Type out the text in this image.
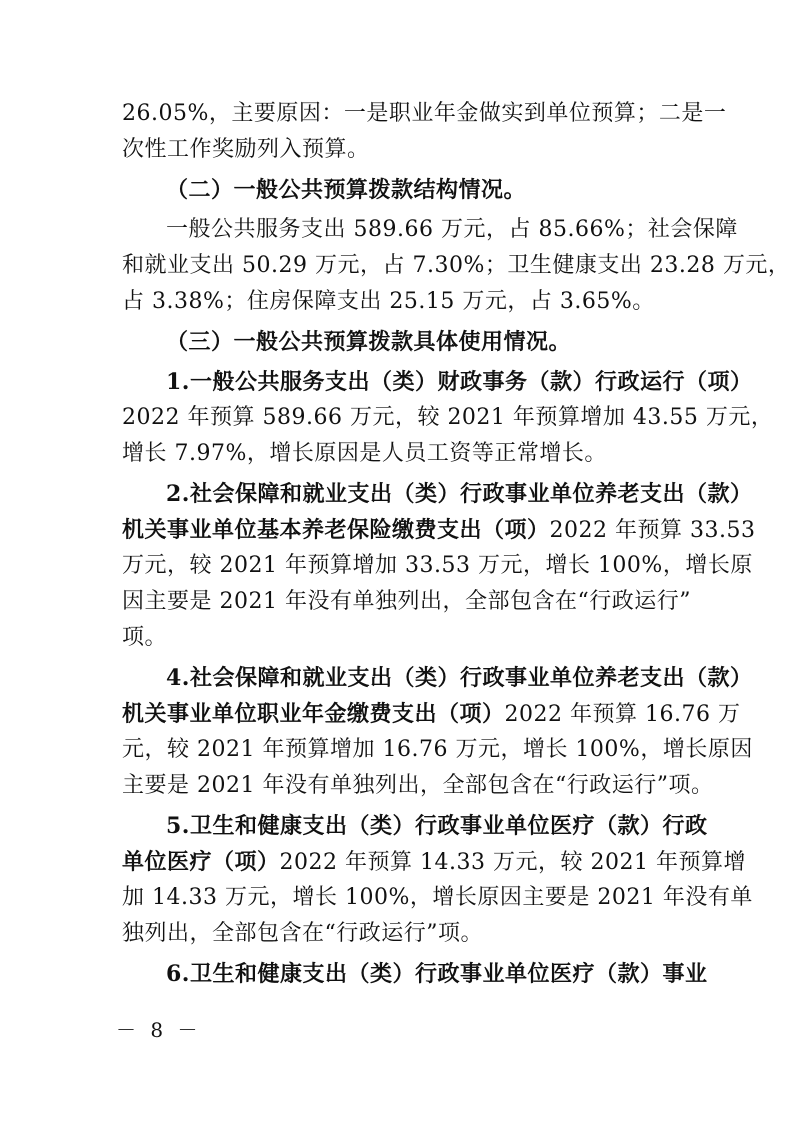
26.05%，主要原因：一是职业年金做实到单位预算；二是一
次性工作奖励列入预算。
（二）一般公共预算拨款结构情况。
一般公共服务支出 589.66 万元，占 85.66%；社会保障
和就业支出 50.29 万元，占 7.30%；卫生健康支出 23.28 万元，
占 3.38%；住房保障支出 25.15 万元，占 3.65%。
（三）一般公共预算拨款具体使用情况。
1.一般公共服务支出（类）财政事务（款）行政运行（项）
2022 年预算 589.66 万元，较 2021 年预算增加 43.55 万元，
增长 7.97%，增长原因是人员工资等正常增长。
2.社会保障和就业支出（类）行政事业单位养老支出（款）
机关事业单位基本养老保险缴费支出（项）2022 年预算 33.53
万元，较 2021 年预算增加 33.53 万元，增长 100%，增长原
因主要是 2021 年没有单独列出，全部包含在“行政运行”
项。
4.社会保障和就业支出（类）行政事业单位养老支出（款）
机关事业单位职业年金缴费支出（项）2022 年预算 16.76 万
元，较 2021 年预算增加 16.76 万元，增长 100%，增长原因
主要是 2021 年没有单独列出，全部包含在“行政运行”项。
5.卫生和健康支出（类）行政事业单位医疗（款）行政
单位医疗（项）2022 年预算 14.33 万元，较 2021 年预算增
加 14.33 万元，增长 100%，增长原因主要是 2021 年没有单
独列出，全部包含在“行政运行”项。
6.卫生和健康支出（类）行政事业单位医疗（款）事业
－ 8 －
